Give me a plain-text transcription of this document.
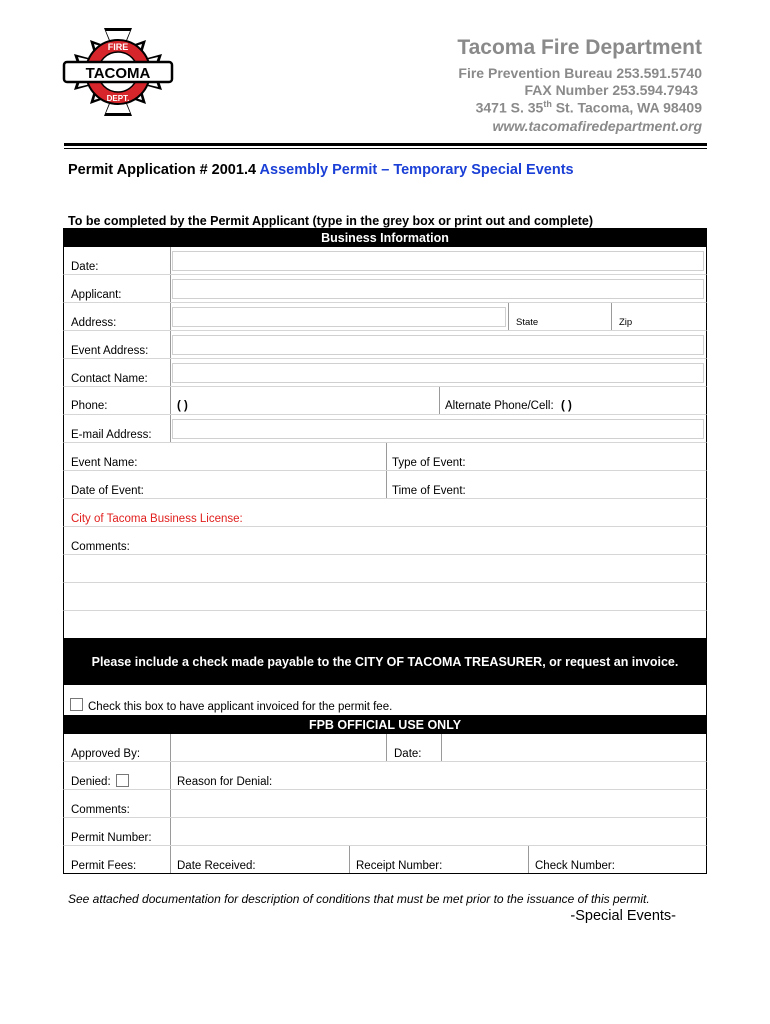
FIRE
DEPT.
TACOMA
Tacoma Fire Department
Fire Prevention Bureau 253.591.5740
FAX Number 253.594.7943
3471 S. 35th St. Tacoma, WA 98409
www.tacomafiredepartment.org
Permit Application # 2001.4 Assembly Permit – Temporary Special Events
To be completed by the Permit Applicant (type in the grey box or print out and complete)
Business Information
Date:
Applicant:
Address:	State	Zip
Event Address:
Contact Name:
Phone:	( )	Alternate Phone/Cell: ( )
E-mail Address:
Event Name:	Type of Event:
Date of Event:	Time of Event:
City of Tacoma Business License:
Comments:
Please include a check made payable to the CITY OF TACOMA TREASURER, or request an invoice.
Check this box to have applicant invoiced for the permit fee.
FPB OFFICIAL USE ONLY
Approved By:	Date:
Denied:	Reason for Denial:
Comments:
Permit Number:
Permit Fees:	Date Received:	Receipt Number:	Check Number:
See attached documentation for description of conditions that must be met prior to the issuance of this permit.
-Special Events-
